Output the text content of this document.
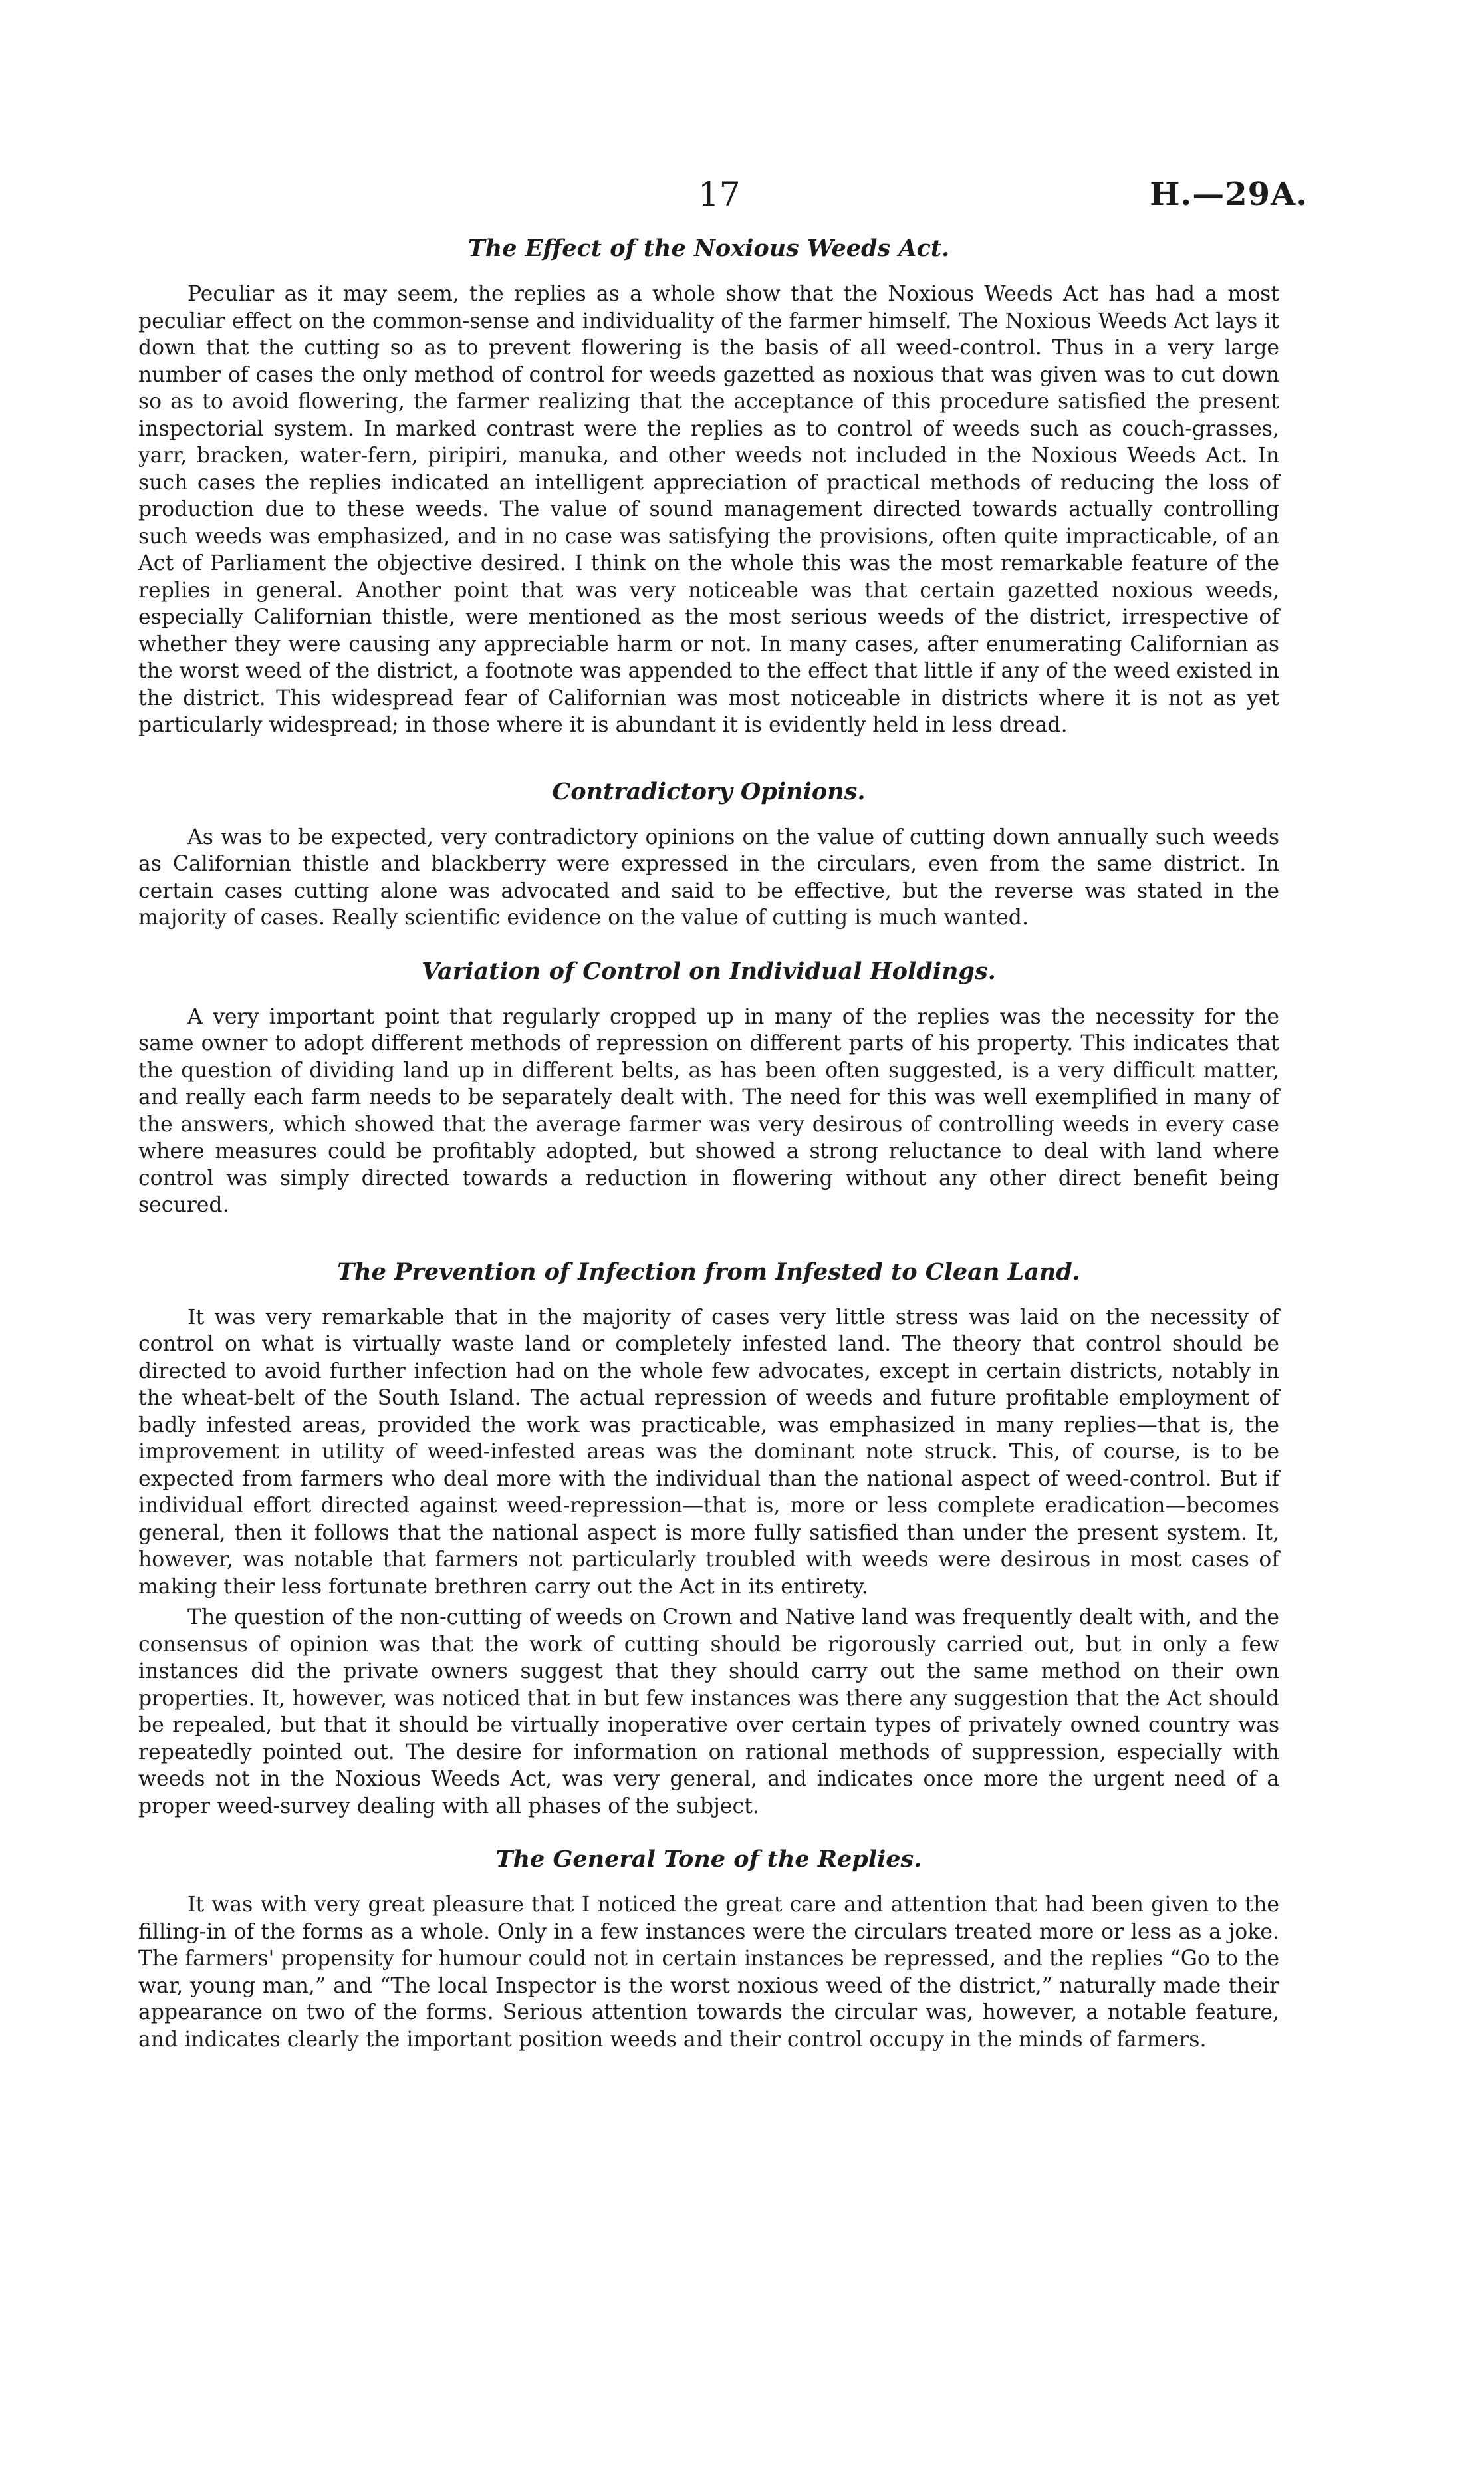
17	H.—29A.
The Effect of the Noxious Weeds Act.

Peculiar as it may seem, the replies as a whole show that the Noxious Weeds Act has had a most peculiar effect on the common-sense and individuality of the farmer himself. The Noxious Weeds Act lays it down that the cutting so as to prevent flowering is the basis of all weed-control. Thus in a very large number of cases the only method of control for weeds gazetted as noxious that was given was to cut down so as to avoid flowering, the farmer realizing that the acceptance of this procedure satisfied the present inspectorial system. In marked contrast were the replies as to control of weeds such as couch-grasses, yarr, bracken, water-fern, piripiri, manuka, and other weeds not included in the Noxious Weeds Act. In such cases the replies indicated an intelligent appreciation of practical methods of reducing the loss of production due to these weeds. The value of sound management directed towards actually controlling such weeds was emphasized, and in no case was satisfying the provisions, often quite impracticable, of an Act of Parliament the objective desired. I think on the whole this was the most remarkable feature of the replies in general. Another point that was very noticeable was that certain gazetted noxious weeds, especially Californian thistle, were mentioned as the most serious weeds of the district, irrespective of whether they were causing any appreciable harm or not. In many cases, after enumerating Californian as the worst weed of the district, a footnote was appended to the effect that little if any of the weed existed in the district. This widespread fear of Californian was most noticeable in districts where it is not as yet particularly widespread; in those where it is abundant it is evidently held in less dread.

Contradictory Opinions.

As was to be expected, very contradictory opinions on the value of cutting down annually such weeds as Californian thistle and blackberry were expressed in the circulars, even from the same district. In certain cases cutting alone was advocated and said to be effective, but the reverse was stated in the majority of cases. Really scientific evidence on the value of cutting is much wanted.

Variation of Control on Individual Holdings.

A very important point that regularly cropped up in many of the replies was the necessity for the same owner to adopt different methods of repression on different parts of his property. This indicates that the question of dividing land up in different belts, as has been often suggested, is a very difficult matter, and really each farm needs to be separately dealt with. The need for this was well exemplified in many of the answers, which showed that the average farmer was very desirous of controlling weeds in every case where measures could be profitably adopted, but showed a strong reluctance to deal with land where control was simply directed towards a reduction in flowering without any other direct benefit being secured.

The Prevention of Infection from Infested to Clean Land.

It was very remarkable that in the majority of cases very little stress was laid on the necessity of control on what is virtually waste land or completely infested land. The theory that control should be directed to avoid further infection had on the whole few advocates, except in certain districts, notably in the wheat-belt of the South Island. The actual repression of weeds and future profitable employment of badly infested areas, provided the work was practicable, was emphasized in many replies—that is, the improvement in utility of weed-infested areas was the dominant note struck. This, of course, is to be expected from farmers who deal more with the individual than the national aspect of weed-control. But if individual effort directed against weed-repression—that is, more or less complete eradication—becomes general, then it follows that the national aspect is more fully satisfied than under the present system. It, however, was notable that farmers not particularly troubled with weeds were desirous in most cases of making their less fortunate brethren carry out the Act in its entirety.

The question of the non-cutting of weeds on Crown and Native land was frequently dealt with, and the consensus of opinion was that the work of cutting should be rigorously carried out, but in only a few instances did the private owners suggest that they should carry out the same method on their own properties. It, however, was noticed that in but few instances was there any suggestion that the Act should be repealed, but that it should be virtually inoperative over certain types of privately owned country was repeatedly pointed out. The desire for information on rational methods of suppression, especially with weeds not in the Noxious Weeds Act, was very general, and indicates once more the urgent need of a proper weed-survey dealing with all phases of the subject.

The General Tone of the Replies.

It was with very great pleasure that I noticed the great care and attention that had been given to the filling-in of the forms as a whole. Only in a few instances were the circulars treated more or less as a joke. The farmers' propensity for humour could not in certain instances be repressed, and the replies “Go to the war, young man,” and “The local Inspector is the worst noxious weed of the district,” naturally made their appearance on two of the forms. Serious attention towards the circular was, however, a notable feature, and indicates clearly the important position weeds and their control occupy in the minds of farmers.
